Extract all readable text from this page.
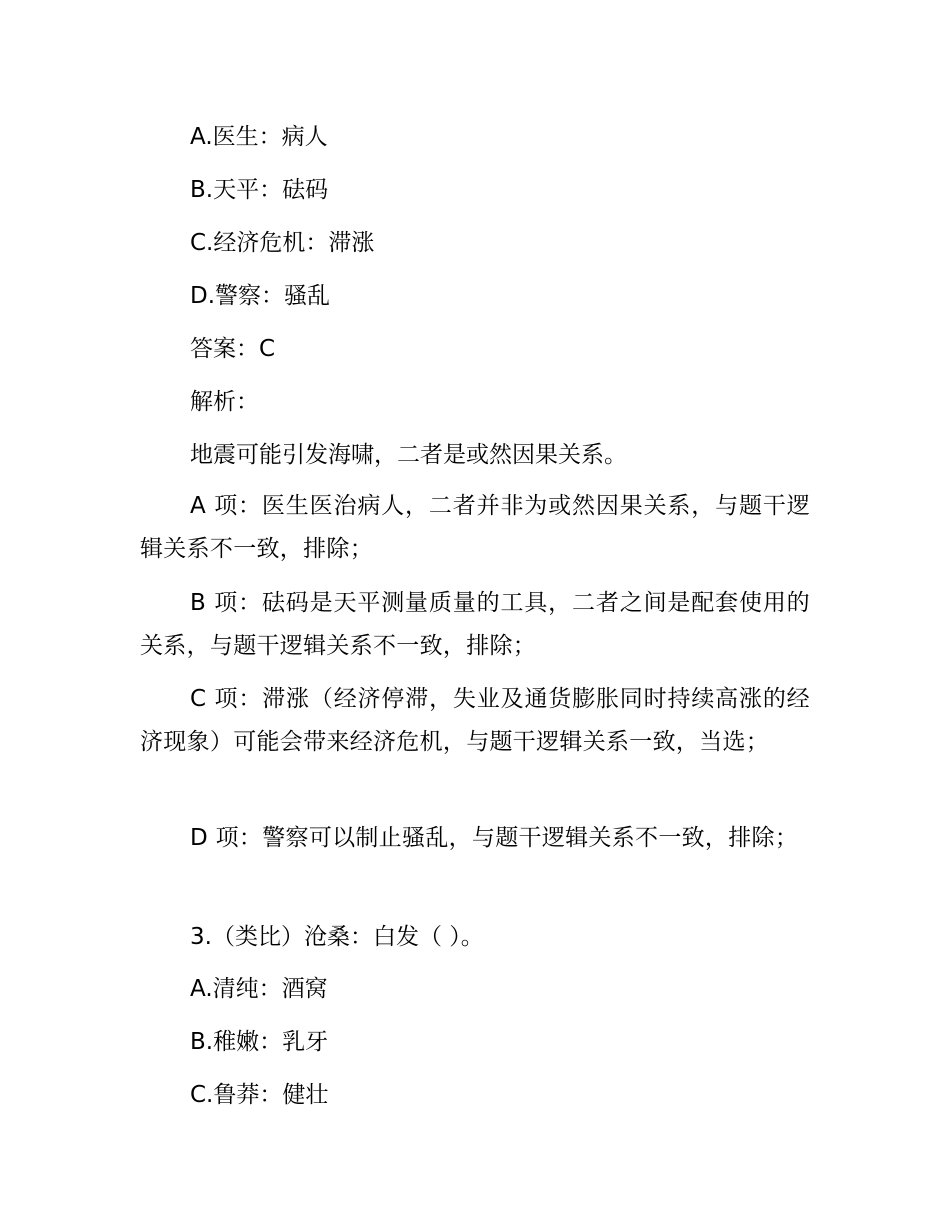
A.医生：病人
B.天平：砝码
C.经济危机：滞涨
D.警察：骚乱
答案：C
解析：
地震可能引发海啸，二者是或然因果关系。
A 项：医生医治病人，二者并非为或然因果关系，与题干逻辑关系不一致，排除；
B 项：砝码是天平测量质量的工具，二者之间是配套使用的关系，与题干逻辑关系不一致，排除；
C 项：滞涨（经济停滞，失业及通货膨胀同时持续高涨的经济现象）可能会带来经济危机，与题干逻辑关系一致，当选；
D 项：警察可以制止骚乱，与题干逻辑关系不一致，排除；
3.（类比）沧桑：白发（ ）。
A.清纯：酒窝
B.稚嫩：乳牙
C.鲁莽：健壮
